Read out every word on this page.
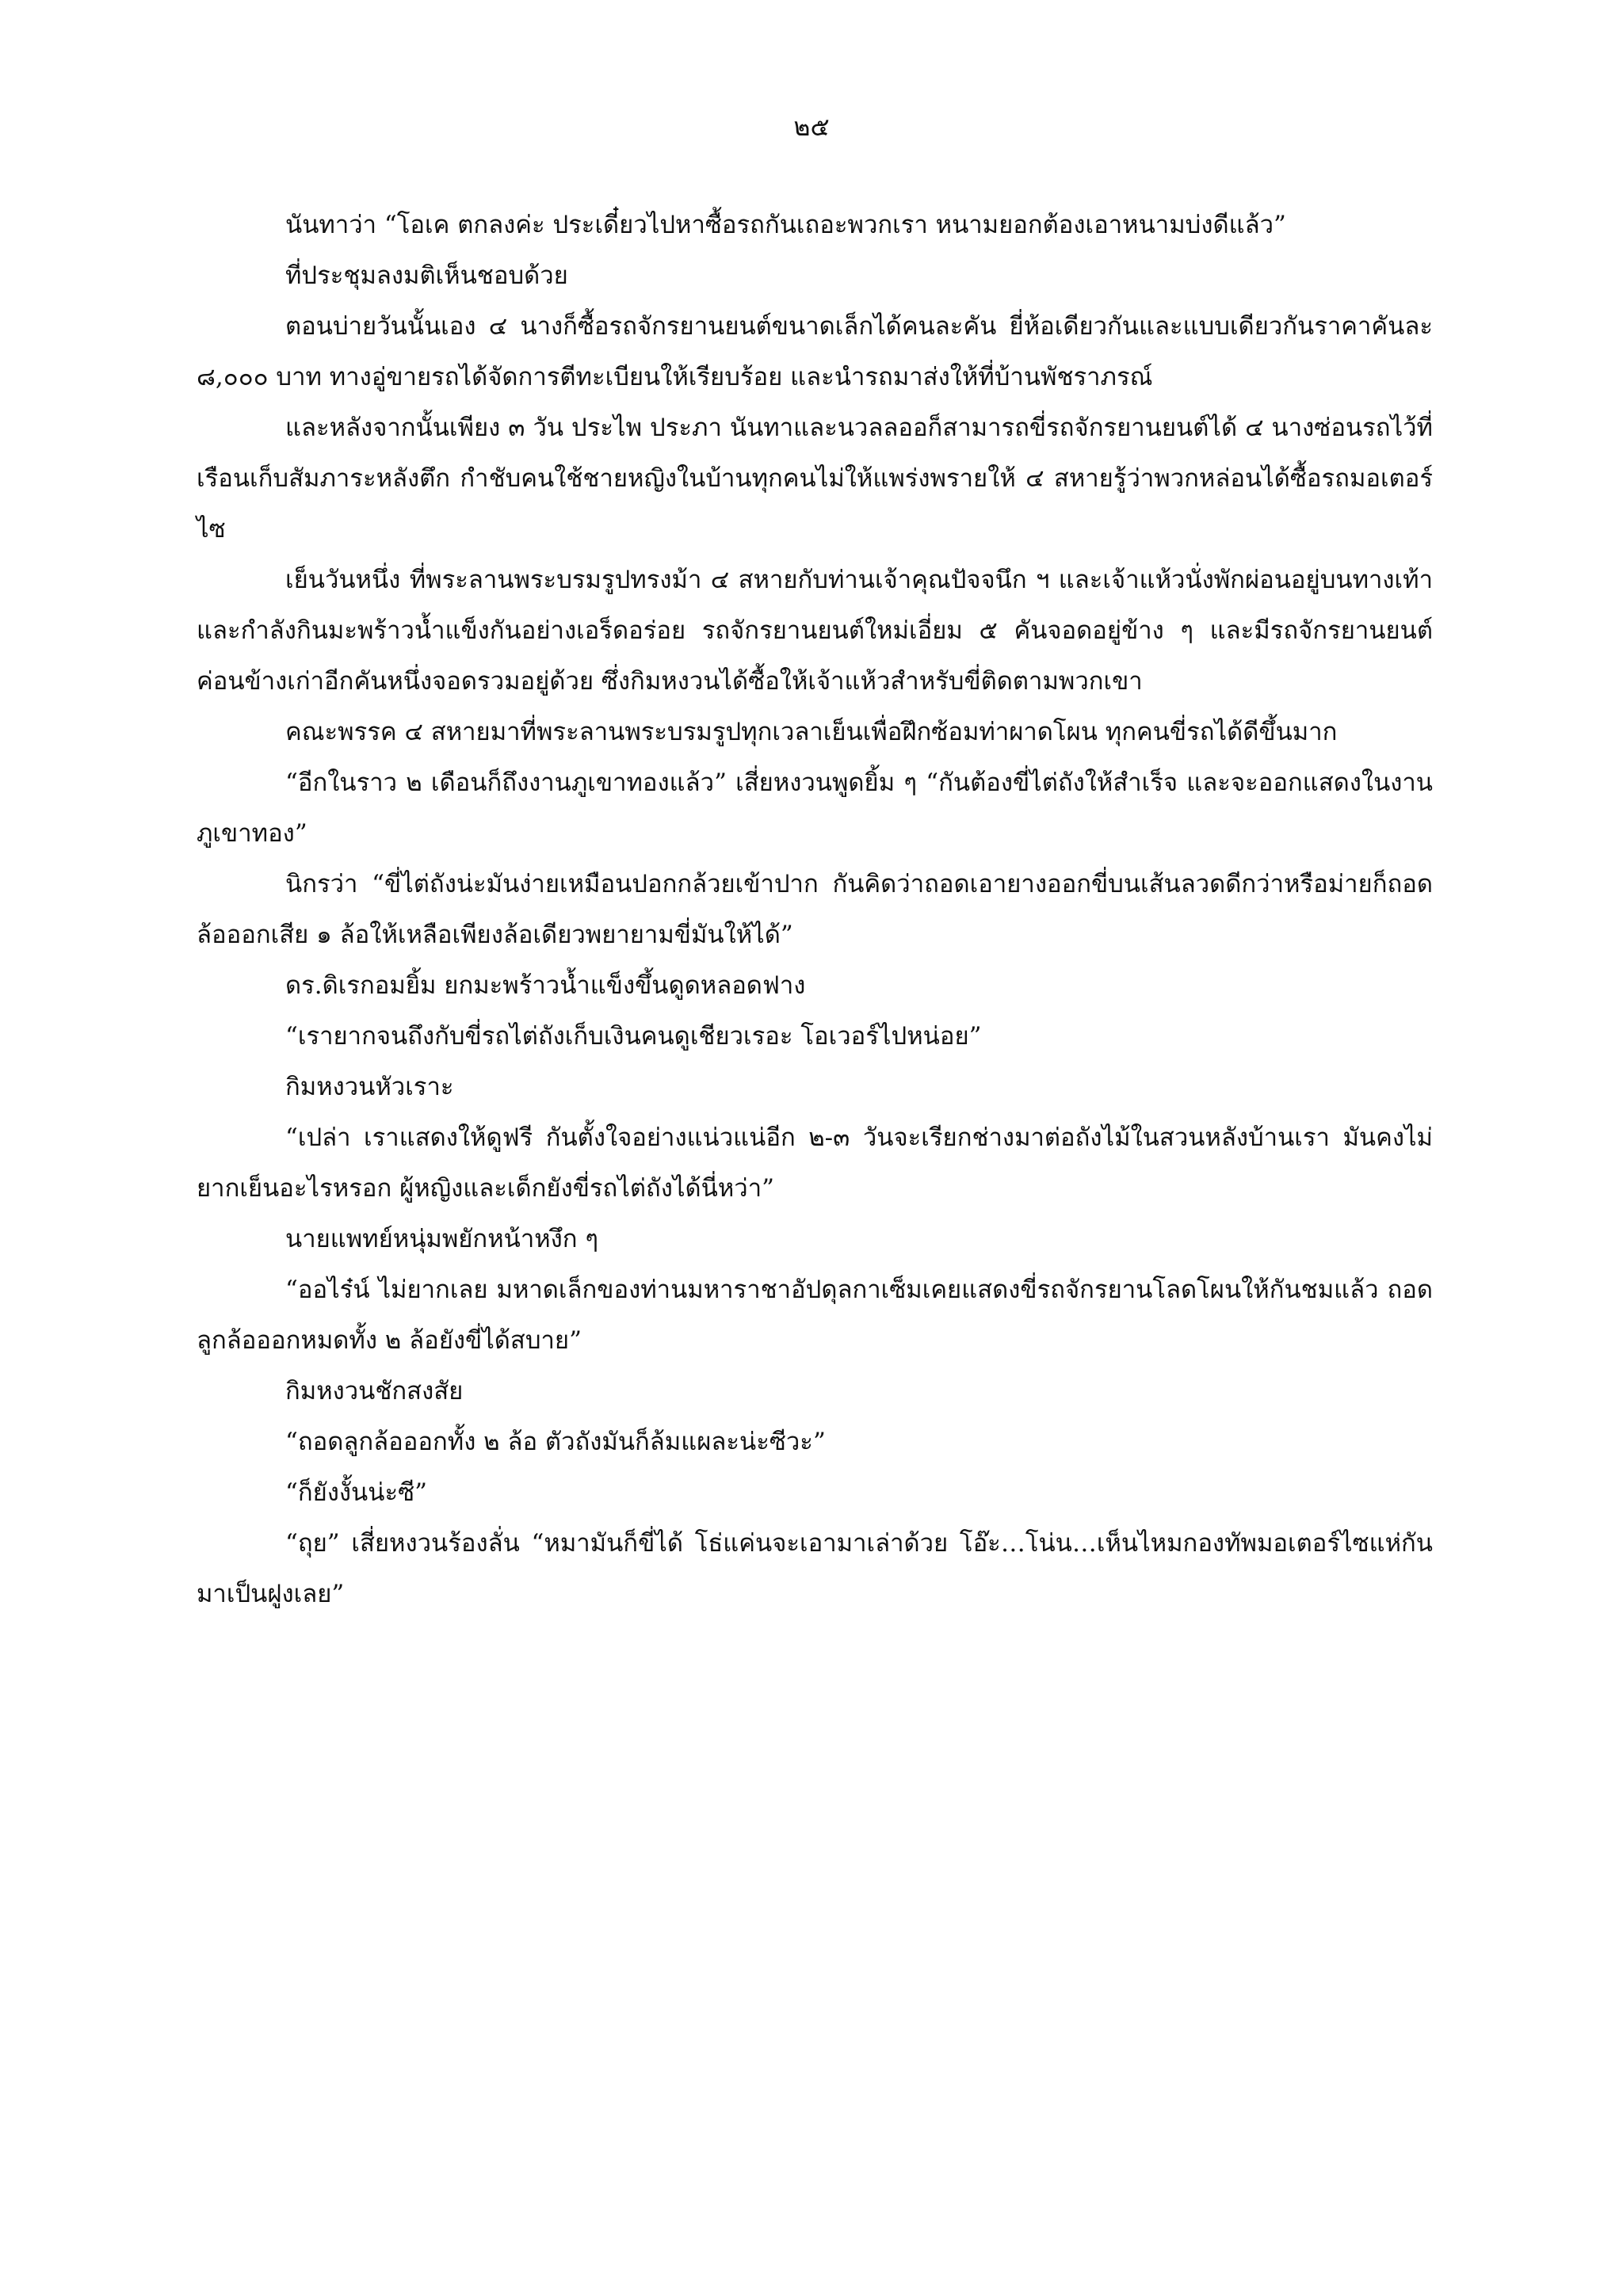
๒๕

นันทาว่า “โอเค ตกลงค่ะ ประเดี๋ยวไปหาซื้อรถกันเถอะพวกเรา หนามยอกต้องเอาหนามบ่งดีแล้ว”

ที่ประชุมลงมติเห็นชอบด้วย

ตอนบ่ายวันนั้นเอง ๔ นางก็ซื้อรถจักรยานยนต์ขนาดเล็กได้คนละคัน ยี่ห้อเดียวกันและแบบเดียวกันราคาคันละ ๘,๐๐๐ บาท ทางอู่ขายรถได้จัดการตีทะเบียนให้เรียบร้อย และนำรถมาส่งให้ที่บ้านพัชราภรณ์

และหลังจากนั้นเพียง ๓ วัน ประไพ ประภา นันทาและนวลลออก็สามารถขี่รถจักรยานยนต์ได้ ๔ นางซ่อนรถไว้ที่เรือนเก็บสัมภาระหลังตึก กำชับคนใช้ชายหญิงในบ้านทุกคนไม่ให้แพร่งพรายให้ ๔ สหายรู้ว่าพวกหล่อนได้ซื้อรถมอเตอร์ไซ

เย็นวันหนึ่ง ที่พระลานพระบรมรูปทรงม้า ๔ สหายกับท่านเจ้าคุณปัจจนึก ฯ และเจ้าแห้วนั่งพักผ่อนอยู่บนทางเท้าและกำลังกินมะพร้าวน้ำแข็งกันอย่างเอร็ดอร่อย รถจักรยานยนต์ใหม่เอี่ยม ๕ คันจอดอยู่ข้าง ๆ และมีรถจักรยานยนต์ค่อนข้างเก่าอีกคันหนึ่งจอดรวมอยู่ด้วย ซึ่งกิมหงวนได้ซื้อให้เจ้าแห้วสำหรับขี่ติดตามพวกเขา

คณะพรรค ๔ สหายมาที่พระลานพระบรมรูปทุกเวลาเย็นเพื่อฝึกซ้อมท่าผาดโผน ทุกคนขี่รถได้ดีขึ้นมาก

“อีกในราว ๒ เดือนก็ถึงงานภูเขาทองแล้ว” เสี่ยหงวนพูดยิ้ม ๆ “กันต้องขี่ไต่ถังให้สำเร็จ และจะออกแสดงในงานภูเขาทอง”

นิกรว่า “ขี่ไต่ถังน่ะมันง่ายเหมือนปอกกล้วยเข้าปาก กันคิดว่าถอดเอายางออกขี่บนเส้นลวดดีกว่าหรือม่ายก็ถอดล้อออกเสีย ๑ ล้อให้เหลือเพียงล้อเดียวพยายามขี่มันให้ได้”

ดร.ดิเรกอมยิ้ม ยกมะพร้าวน้ำแข็งขึ้นดูดหลอดฟาง

“เรายากจนถึงกับขี่รถไต่ถังเก็บเงินคนดูเชียวเรอะ โอเวอร์ไปหน่อย”

กิมหงวนหัวเราะ

“เปล่า เราแสดงให้ดูฟรี กันตั้งใจอย่างแน่วแน่อีก ๒-๓ วันจะเรียกช่างมาต่อถังไม้ในสวนหลังบ้านเรา มันคงไม่ยากเย็นอะไรหรอก ผู้หญิงและเด็กยังขี่รถไต่ถังได้นี่หว่า”

นายแพทย์หนุ่มพยักหน้าหงึก ๆ

“ออไร๋น์ ไม่ยากเลย มหาดเล็กของท่านมหาราชาอัปดุลกาเซ็มเคยแสดงขี่รถจักรยานโลดโผนให้กันชมแล้ว ถอดลูกล้อออกหมดทั้ง ๒ ล้อยังขี่ได้สบาย”

กิมหงวนชักสงสัย

“ถอดลูกล้อออกทั้ง ๒ ล้อ ตัวถังมันก็ล้มแผละน่ะซีวะ”

“ก็ยังงั้นน่ะซี”

“ถุย” เสี่ยหงวนร้องลั่น “หมามันก็ขี่ได้ โธ่แค่นจะเอามาเล่าด้วย โอ๊ะ…โน่น…เห็นไหมกองทัพมอเตอร์ไซแห่กันมาเป็นฝูงเลย”
